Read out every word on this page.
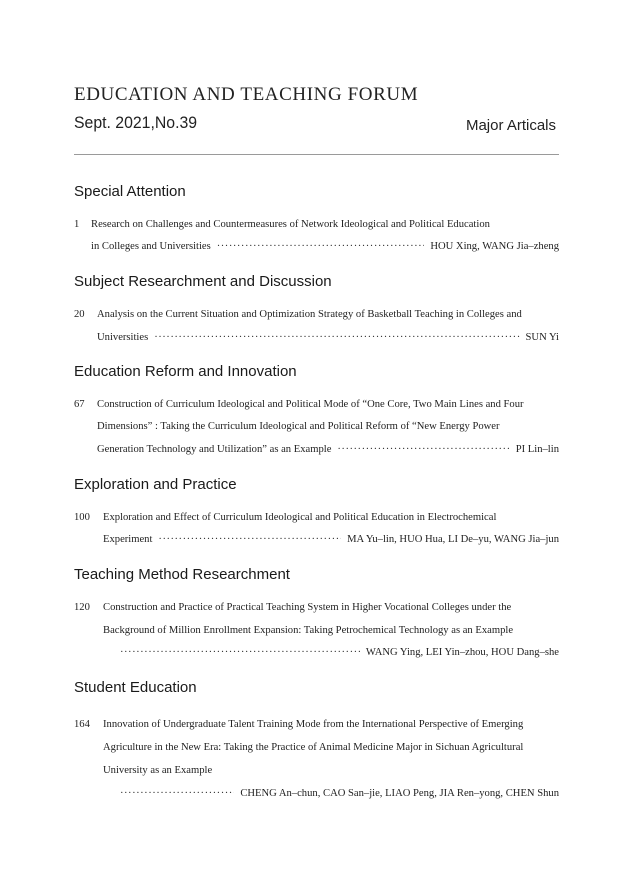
EDUCATION AND TEACHING FORUM
Sept. 2021,No.39	Major Articals
Special Attention
1 Research on Challenges and Countermeasures of Network Ideological and Political Education
in Colleges and Universities ·····	HOU Xing, WANG Jia–zheng
Subject Researchment and Discussion
20 Analysis on the Current Situation and Optimization Strategy of Basketball Teaching in Colleges and
Universities ·····	SUN Yi
Education Reform and Innovation
67 Construction of Curriculum Ideological and Political Mode of “One Core, Two Main Lines and Four
Dimensions” : Taking the Curriculum Ideological and Political Reform of “New Energy Power
Generation Technology and Utilization” as an Example ·····	PI Lin–lin
Exploration and Practice
100 Exploration and Effect of Curriculum Ideological and Political Education in Electrochemical
Experiment ·····	MA Yu–lin, HUO Hua, LI De–yu, WANG Jia–jun
Teaching Method Researchment
120 Construction and Practice of Practical Teaching System in Higher Vocational Colleges under the
Background of Million Enrollment Expansion: Taking Petrochemical Technology as an Example
·····
WANG Ying, LEI Yin–zhou, HOU Dang–she
Student Education
164 Innovation of Undergraduate Talent Training Mode from the International Perspective of Emerging
Agriculture in the New Era: Taking the Practice of Animal Medicine Major in Sichuan Agricultural
University as an Example
·····
CHENG An–chun, CAO San–jie, LIAO Peng, JIA Ren–yong, CHEN Shun
